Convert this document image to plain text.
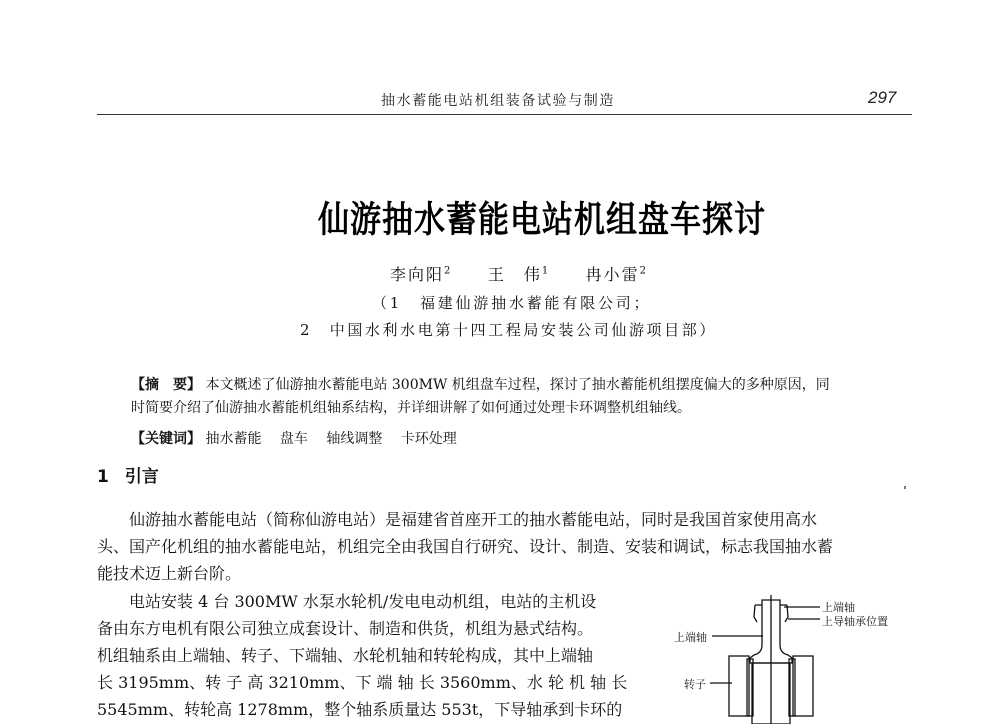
抽水蓄能电站机组装备试验与制造	297
仙游抽水蓄能电站机组盘车探讨
李向阳$^2$ 王　伟$^1$ 冉小雷$^2$
（1　福建仙游抽水蓄能有限公司；
2　中国水利水电第十四工程局安装公司仙游项目部）
【摘　要】 本文概述了仙游抽水蓄能电站 300MW 机组盘车过程，探讨了抽水蓄能机组摆度偏大的多种原因，同
时简要介绍了仙游抽水蓄能机组轴系结构，并详细讲解了如何通过处理卡环调整机组轴线。
【关键词】 抽水蓄能 盘车 轴线调整 卡环处理
1 引言
　　仙游抽水蓄能电站（简称仙游电站）是福建省首座开工的抽水蓄能电站，同时是我国首家使用高水
头、国产化机组的抽水蓄能电站，机组完全由我国自行研究、设计、制造、安装和调试，标志我国抽水蓄
能技术迈上新台阶。
　　电站安装 4 台 300MW 水泵水轮机/发电电动机组，电站的主机设
备由东方电机有限公司独立成套设计、制造和供货，机组为悬式结构。
机组轴系由上端轴、转子、下端轴、水轮机轴和转轮构成，其中上端轴
长 3195mm、转 子 高 3210mm、下 端 轴 长 3560mm、水 轮 机 轴 长
5545mm、转轮高 1278mm，整个轴系质量达 553t，下导轴承到卡环的
上端轴
上导轴承位置
上端轴
转子
